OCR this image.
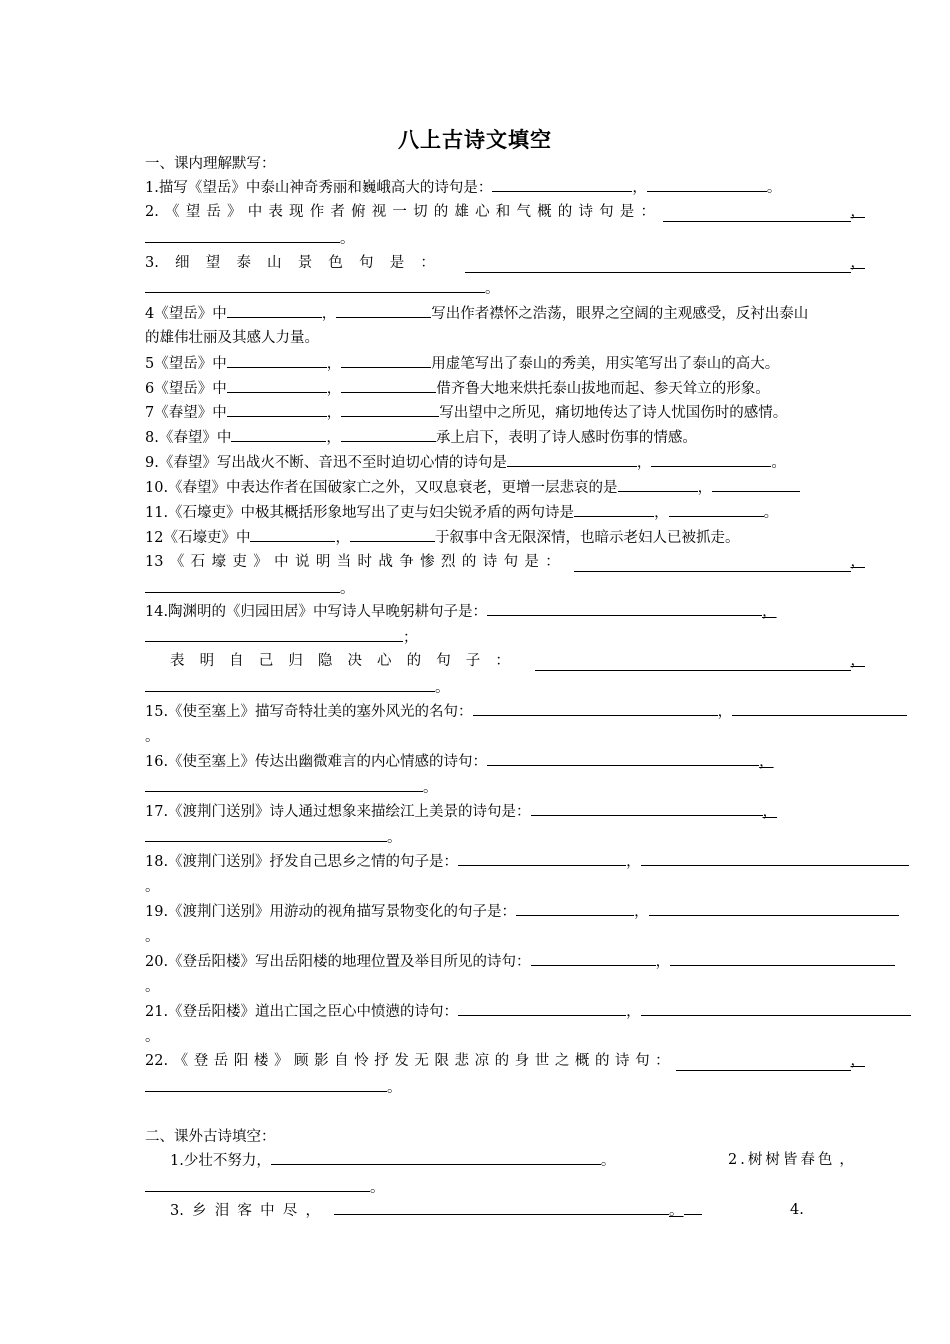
八上古诗文填空
一、课内理解默写：
1.描写《望岳》中泰山神奇秀丽和巍峨高大的诗句是：	，	。
2. 《 望 岳 》 中 表 现 作 者 俯 视 一 切 的 雄 心 和 气 概 的 诗 句 是 ：	，
。
3. 细 望 泰 山 景 色 句 是 ：	，
。
4《望岳》中	，	写出作者襟怀之浩荡，眼界之空阔的主观感受，反衬出泰山
的雄伟壮丽及其感人力量。
5《望岳》中	，	用虚笔写出了泰山的秀美，用实笔写出了泰山的高大。
6《望岳》中	，	借齐鲁大地来烘托泰山拔地而起、参天耸立的形象。
7《春望》中	，	写出望中之所见，痛切地传达了诗人忧国伤时的感情。
8.《春望》中	，	承上启下，表明了诗人感时伤事的情感。
9.《春望》写出战火不断、音迅不至时迫切心情的诗句是	，	。
10.《春望》中表达作者在国破家亡之外，又叹息衰老，更增一层悲哀的是	，
11.《石壕吏》中极其概括形象地写出了吏与妇尖锐矛盾的两句诗是	，	。
12《石壕吏》中	，	于叙事中含无限深情，也暗示老妇人已被抓走。
13 《 石 壕 吏 》 中 说 明 当 时 战 争 惨 烈 的 诗 句 是 ：	，
。
14.陶渊明的《归园田居》中写诗人早晚躬耕句子是：	，
；
表 明 自 己 归 隐 决 心 的 句 子 ：	，
。
15.《使至塞上》描写奇特壮美的塞外风光的名句：	，
。
16.《使至塞上》传达出幽微难言的内心情感的诗句：	，
。
17.《渡荆门送别》诗人通过想象来描绘江上美景的诗句是：	，
。
18.《渡荆门送别》抒发自己思乡之情的句子是：	，
。
19.《渡荆门送别》用游动的视角描写景物变化的句子是：	，
。
20.《登岳阳楼》写出岳阳楼的地理位置及举目所见的诗句：	，
。
21.《登岳阳楼》道出亡国之臣心中愤懑的诗句：	，
。
22. 《 登 岳 阳 楼 》 顾 影 自 怜 抒 发 无 限 悲 凉 的 身 世 之 概 的 诗 句 ：	，
。
二、课外古诗填空：
1.少壮不努力，	。	2.树树皆春色 ，
。
3. 乡 泪 客 中 尽 ，	。	4.
